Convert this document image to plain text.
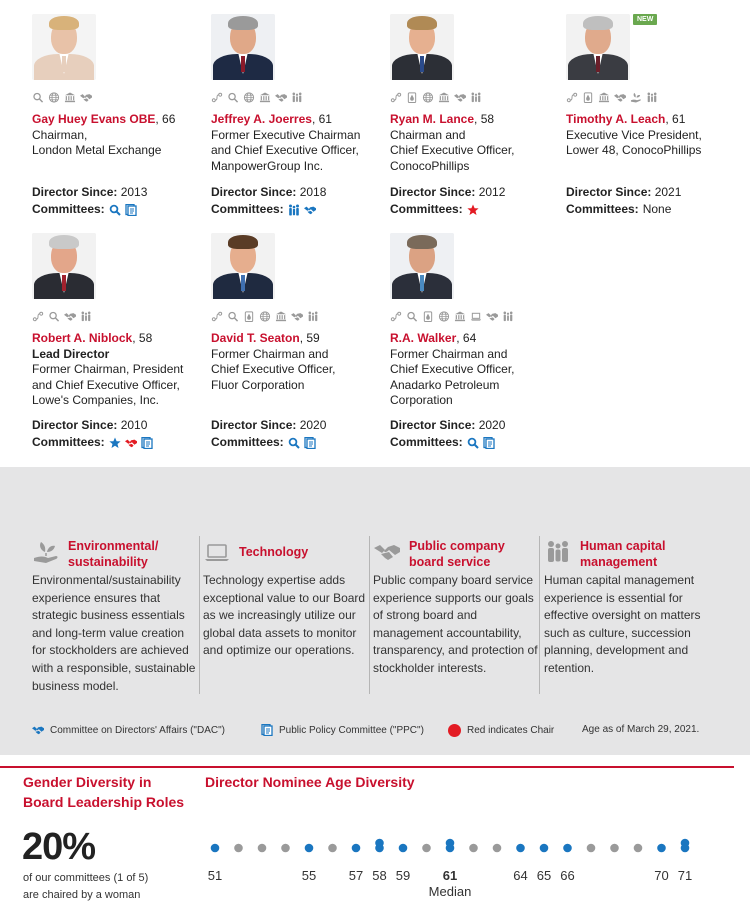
Gay Huey Evans OBE, 66
Chairman,
London Metal Exchange
Director Since: 2013
Committees:
Jeffrey A. Joerres, 61
Former Executive Chairman
and Chief Executive Officer,
ManpowerGroup Inc.
Director Since: 2018
Committees:
Ryan M. Lance, 58
Chairman and
Chief Executive Officer,
ConocoPhillips
Director Since: 2012
Committees:
Timothy A. Leach, 61
Executive Vice President,
Lower 48, ConocoPhillips
Director Since: 2021
Committees: None
Robert A. Niblock, 58
Lead Director
Former Chairman, President
and Chief Executive Officer,
Lowe's Companies, Inc.
Director Since: 2010
Committees:
David T. Seaton, 59
Former Chairman and
Chief Executive Officer,
Fluor Corporation
Director Since: 2020
Committees:
R.A. Walker, 64
Former Chairman and
Chief Executive Officer,
Anadarko Petroleum
Corporation
Director Since: 2020
Committees:
NEW
Environmental/
sustainability
Environmental/sustainability experience ensures that strategic business essentials and long-term value creation for stockholders are achieved with a responsible, sustainable business model.
Technology
Technology expertise adds exceptional value to our Board as we increasingly utilize our global data assets to monitor and optimize our operations.
Public company
board service
Public company board service experience supports our goals of strong board and management accountability, transparency, and protection of stockholder interests.
Human capital
management
Human capital management experience is essential for effective oversight on matters such as culture, succession planning, development and retention.
Committee on Directors' Affairs ("DAC")	Public Policy Committee ("PPC")	Red indicates Chair	Age as of March 29, 2021.
Gender Diversity in
Board Leadership Roles
Director Nominee Age Diversity
20%
of our committees (1 of 5)
are chaired by a woman
51	55	57 58 59	61	64 65 66	70 71
Median
